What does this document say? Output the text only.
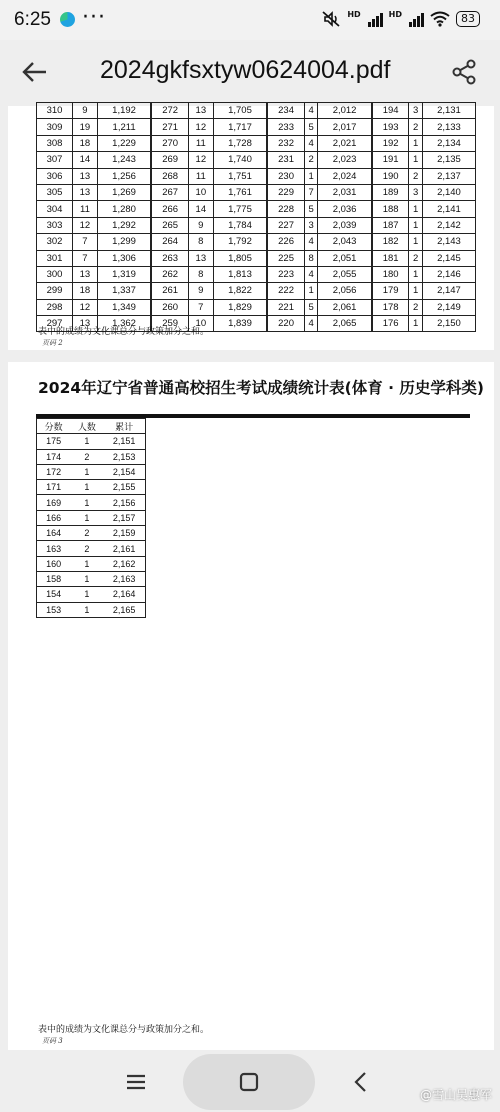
6:25 ···	HD	HD	83
2024gkfsxtyw0624004.pdf
310	9	1,192	272	13	1,705	234	4	2,012	194	3	2,131
309	19	1,211	271	12	1,717	233	5	2,017	193	2	2,133
308	18	1,229	270	11	1,728	232	4	2,021	192	1	2,134
307	14	1,243	269	12	1,740	231	2	2,023	191	1	2,135
306	13	1,256	268	11	1,751	230	1	2,024	190	2	2,137
305	13	1,269	267	10	1,761	229	7	2,031	189	3	2,140
304	11	1,280	266	14	1,775	228	5	2,036	188	1	2,141
303	12	1,292	265	9	1,784	227	3	2,039	187	1	2,142
302	7	1,299	264	8	1,792	226	4	2,043	182	1	2,143
301	7	1,306	263	13	1,805	225	8	2,051	181	2	2,145
300	13	1,319	262	8	1,813	223	4	2,055	180	1	2,146
299	18	1,337	261	9	1,822	222	1	2,056	179	1	2,147
298	12	1,349	260	7	1,829	221	5	2,061	178	2	2,149
297	13	1,362	259	10	1,839	220	4	2,065	176	1	2,150
表中的成绩为文化课总分与政策加分之和。
页码 2
2024年辽宁省普通高校招生考试成绩统计表(体育 · 历史学科类)
分数	人数	累计
175	1	2,151
174	2	2,153
172	1	2,154
171	1	2,155
169	1	2,156
166	1	2,157
164	2	2,159
163	2	2,161
160	1	2,162
158	1	2,163
154	1	2,164
153	1	2,165
表中的成绩为文化课总分与政策加分之和。
页码 3
@雪山吴惠军
